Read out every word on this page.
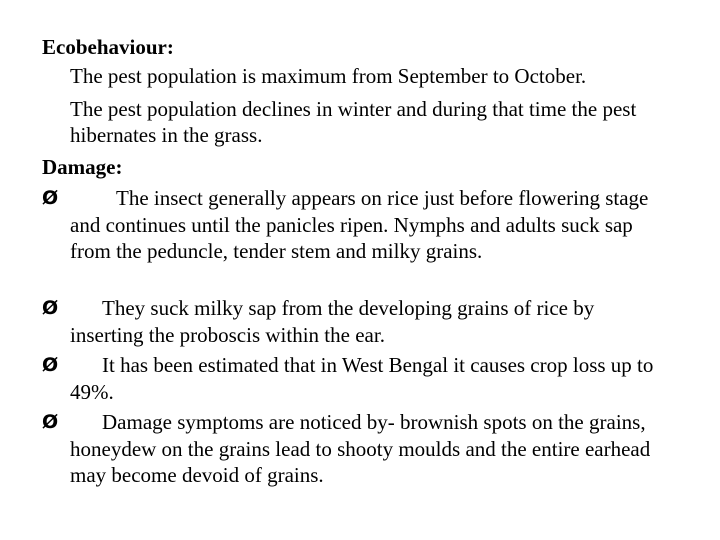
Ecobehaviour:
The pest population is maximum from September to October.
The pest population declines in winter and during that time the pest hibernates in the grass.
Damage:
Ø	The insect generally appears on rice just before flowering stage and continues until the panicles ripen. Nymphs and adults suck sap from the peduncle, tender stem and milky grains.
Ø	They suck milky sap from the developing grains of rice by inserting the proboscis within the ear.
Ø	It has been estimated that in West Bengal it causes crop loss up to 49%.
Ø	Damage symptoms are noticed by- brownish spots on the grains, honeydew on the grains lead to shooty moulds and the entire earhead may become devoid of grains.
